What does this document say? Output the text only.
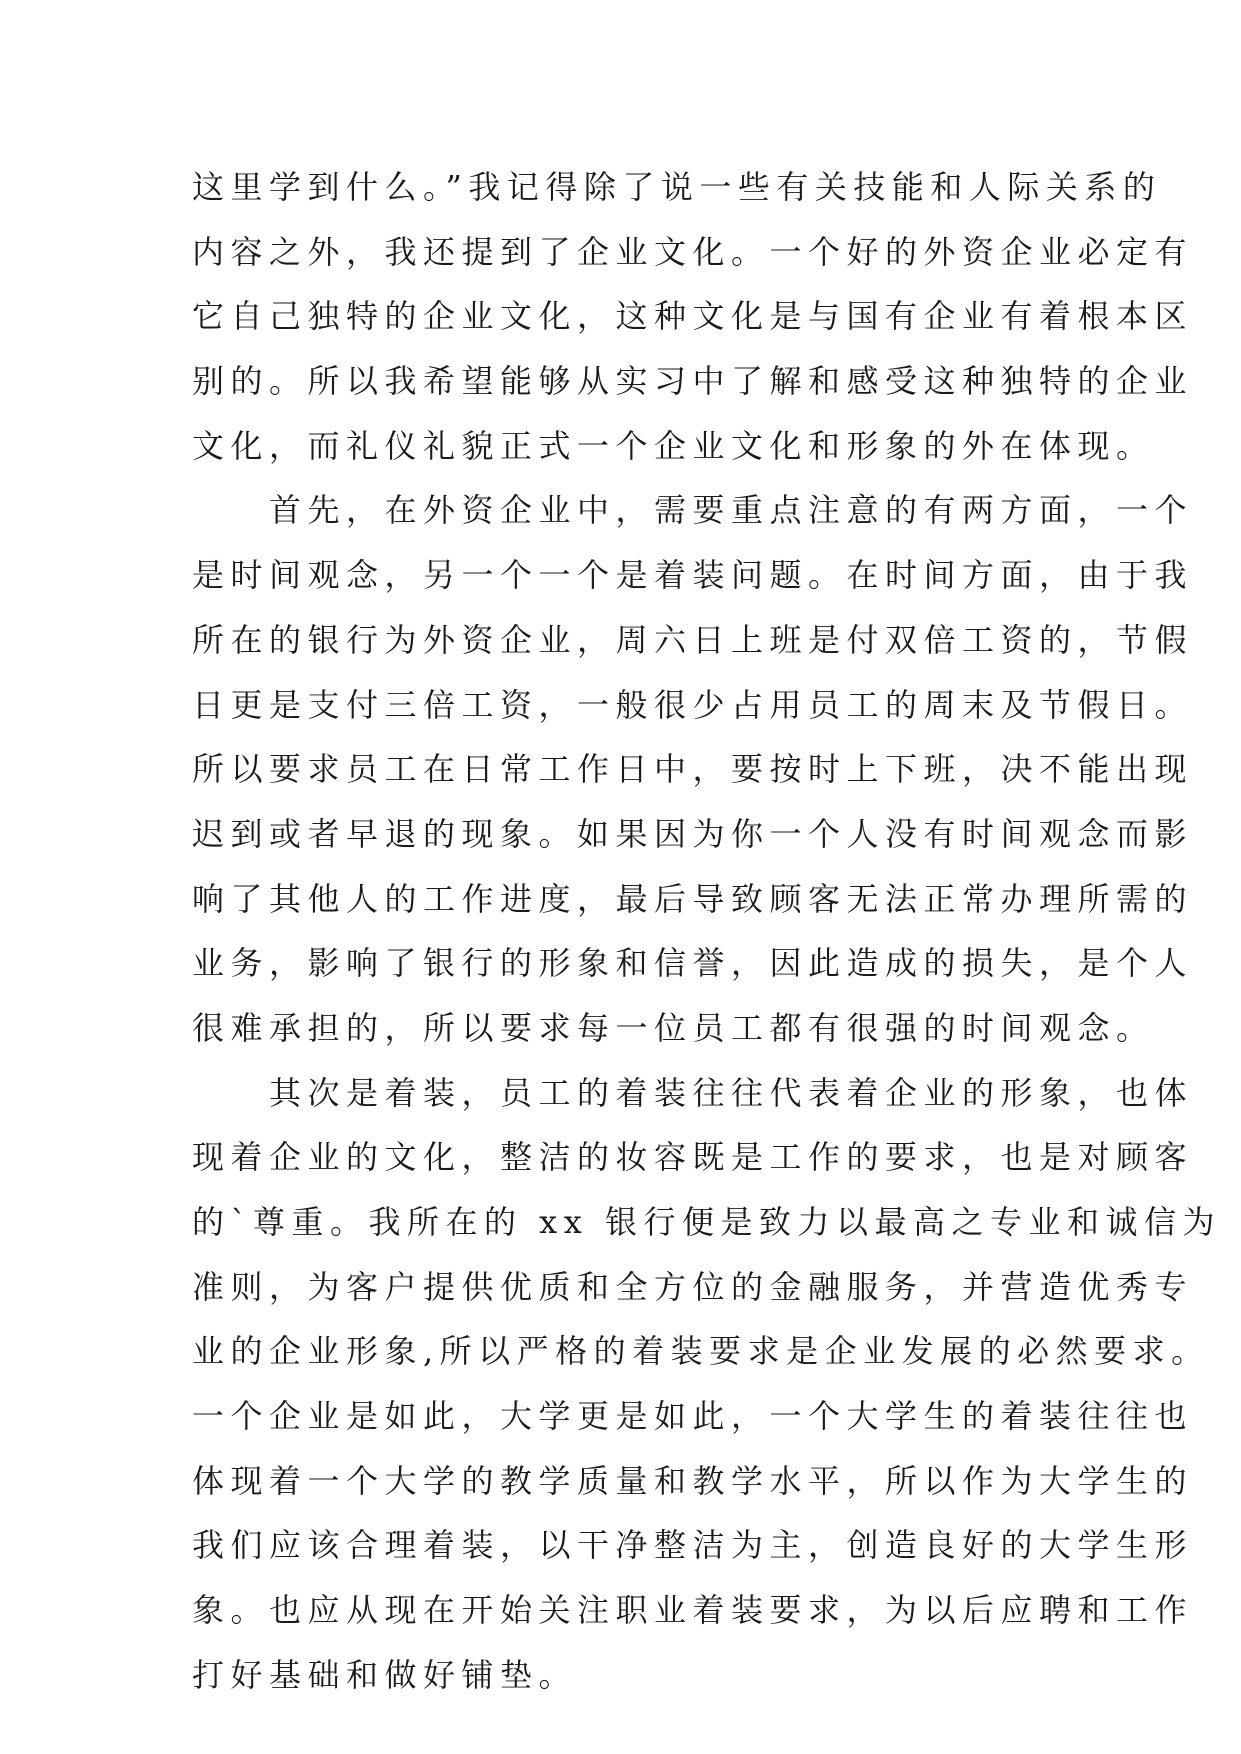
这里学到什么。”我记得除了说一些有关技能和人际关系的
内容之外，我还提到了企业文化。一个好的外资企业必定有
它自己独特的企业文化，这种文化是与国有企业有着根本区
别的。所以我希望能够从实习中了解和感受这种独特的企业
文化，而礼仪礼貌正式一个企业文化和形象的外在体现。
　　首先，在外资企业中，需要重点注意的有两方面，一个
是时间观念，另一个一个是着装问题。在时间方面，由于我
所在的银行为外资企业，周六日上班是付双倍工资的，节假
日更是支付三倍工资，一般很少占用员工的周末及节假日。
所以要求员工在日常工作日中，要按时上下班，决不能出现
迟到或者早退的现象。如果因为你一个人没有时间观念而影
响了其他人的工作进度，最后导致顾客无法正常办理所需的
业务，影响了银行的形象和信誉，因此造成的损失，是个人
很难承担的，所以要求每一位员工都有很强的时间观念。
　　其次是着装，员工的着装往往代表着企业的形象，也体
现着企业的文化，整洁的妆容既是工作的要求，也是对顾客
的`尊重。我所在的 xx 银行便是致力以最高之专业和诚信为
准则，为客户提供优质和全方位的金融服务，并营造优秀专
业的企业形象,所以严格的着装要求是企业发展的必然要求。
一个企业是如此，大学更是如此，一个大学生的着装往往也
体现着一个大学的教学质量和教学水平，所以作为大学生的
我们应该合理着装，以干净整洁为主，创造良好的大学生形
象。也应从现在开始关注职业着装要求，为以后应聘和工作
打好基础和做好铺垫。
